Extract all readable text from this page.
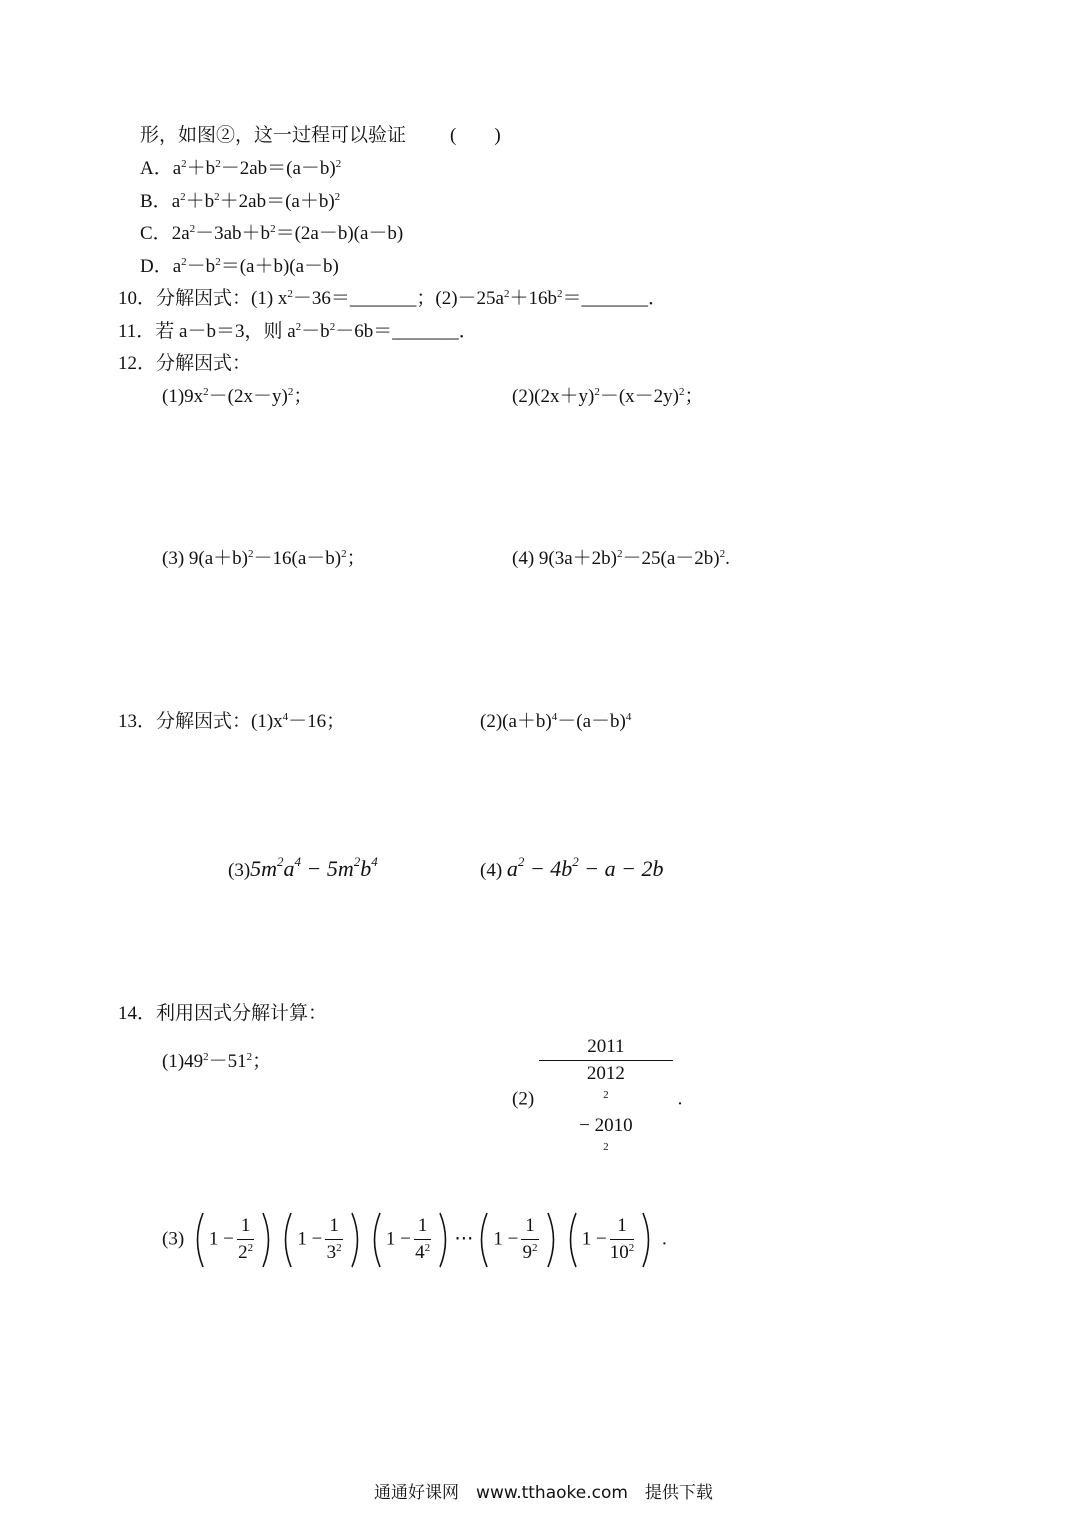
形，如图②，这一过程可以验证 (　　)
A．$a^2+b^2-2ab=(a-b)^2$
B．$a^2+b^2+2ab=(a+b)^2$
C．$2a^2-3ab+b^2=(2a-b)(a-b)$
D．$a^2-b^2=(a+b)(a-b)$
10．分解因式：(1) $x^2-36=\_\_\_\_\_\_\_$；$(2)-25a^2+16b^2=\_\_\_\_\_\_\_$．
11．若 a－b＝3，则 $a^2-b^2-6b=\_\_\_\_\_\_\_$．
12．分解因式：
$(1)9x^2-(2x-y)^2$；	$(2)(2x+y)^2-(x-2y)^2$；
(3) $9(a+b)^2-16(a-b)^2$；	(4) $9(3a+2b)^2-25(a-2b)^2$.
13．分解因式：$(1)x^4-16$；	$(2)(a+b)^4-(a-b)^4$
$(3)5m^2a^4 - 5m^2b^4$	(4) $a^2 - 4b^2 - a - 2b$
14．利用因式分解计算：
$(1)49^2-51^2$；
(2) 2011
2012
$^2$
− 2010
$^2$ .
(3) $1 - \frac{1}{2^2} 1 - \frac{1}{3^2} 1 - \frac{1}{4^2}$ ⋯ $1 - \frac{1}{9^2} 1 - \frac{1}{10^2}$ .
通通好课网　www.tthaoke.com　提供下载
